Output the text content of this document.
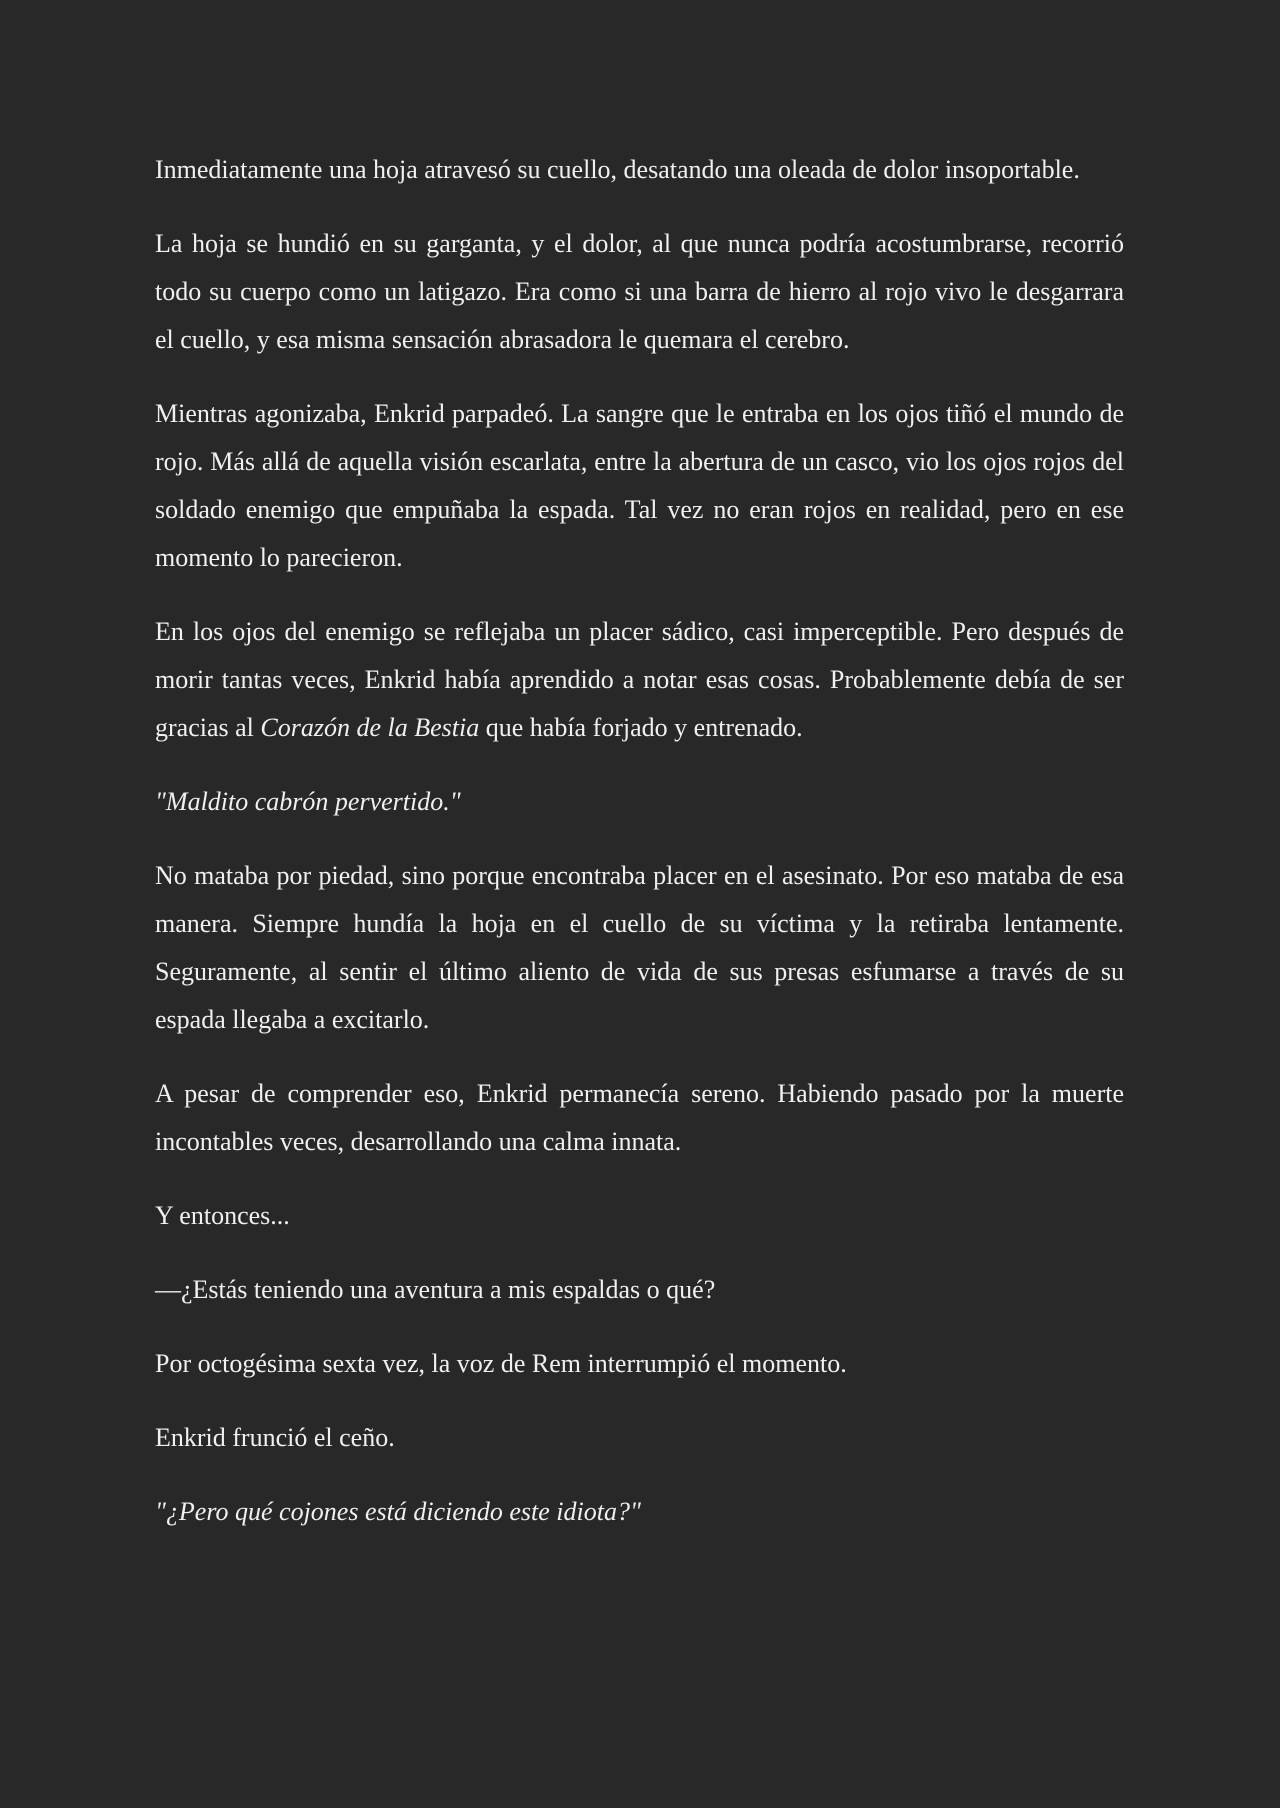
Inmediatamente una hoja atravesó su cuello, desatando una oleada de dolor insoportable.

La hoja se hundió en su garganta, y el dolor, al que nunca podría acostumbrarse, recorrió todo su cuerpo como un latigazo. Era como si una barra de hierro al rojo vivo le desgarrara el cuello, y esa misma sensación abrasadora le quemara el cerebro.

Mientras agonizaba, Enkrid parpadeó. La sangre que le entraba en los ojos tiñó el mundo de rojo. Más allá de aquella visión escarlata, entre la abertura de un casco, vio los ojos rojos del soldado enemigo que empuñaba la espada. Tal vez no eran rojos en realidad, pero en ese momento lo parecieron.

En los ojos del enemigo se reflejaba un placer sádico, casi imperceptible. Pero después de morir tantas veces, Enkrid había aprendido a notar esas cosas. Probablemente debía de ser gracias al Corazón de la Bestia que había forjado y entrenado.

"Maldito cabrón pervertido."

No mataba por piedad, sino porque encontraba placer en el asesinato. Por eso mataba de esa manera. Siempre hundía la hoja en el cuello de su víctima y la retiraba lentamente. Seguramente, al sentir el último aliento de vida de sus presas esfumarse a través de su espada llegaba a excitarlo.

A pesar de comprender eso, Enkrid permanecía sereno. Habiendo pasado por la muerte incontables veces, desarrollando una calma innata.

Y entonces...

—¿Estás teniendo una aventura a mis espaldas o qué?

Por octogésima sexta vez, la voz de Rem interrumpió el momento.

Enkrid frunció el ceño.

"¿Pero qué cojones está diciendo este idiota?"
